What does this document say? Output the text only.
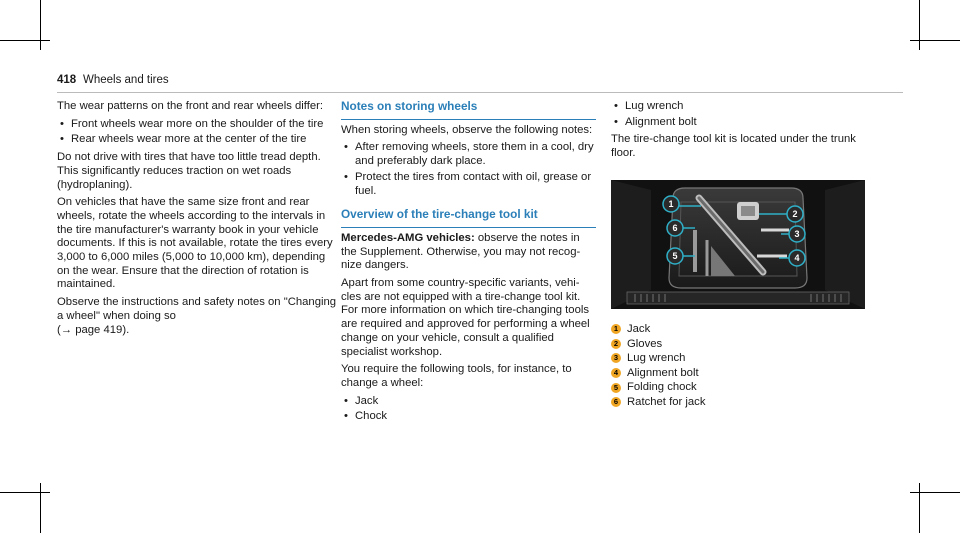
418 Wheels and tires

The wear patterns on the front and rear wheels differ:

• Front wheels wear more on the shoulder of the tire
• Rear wheels wear more at the center of the tire

Do not drive with tires that have too little tread depth. This significantly reduces traction on wet roads (hydroplaning).

On vehicles that have the same size front and rear wheels, rotate the wheels according to the intervals in the tire manufacturer's warranty book in your vehicle documents. If this is not available, rotate the tires every 3,000 to 6,000 miles (5,000 to 10,000 km), depending on the wear. Ensure that the direction of rotation is maintained.

Observe the instructions and safety notes on "Changing a wheel" when doing so
(→ page 419).

Notes on storing wheels

When storing wheels, observe the following notes:

• After removing wheels, store them in a cool, dry and preferably dark place.
• Protect the tires from contact with oil, grease or fuel.
Overview of the tire-change tool kit

Mercedes-AMG vehicles: observe the notes in the Supplement. Otherwise, you may not recog-nize dangers.

Apart from some country-specific variants, vehi-cles are not equipped with a tire-change tool kit. For more information on which tire-changing tools are required and approved for performing a wheel change on your vehicle, consult a qualified specialist workshop.

You require the following tools, for instance, to change a wheel:

• Jack
• Chock
• Lug wrench
• Alignment bolt

The tire-change tool kit is located under the trunk floor.

1
2
3
4
5
6
1 Jack
2 Gloves
3 Lug wrench
4 Alignment bolt
5 Folding chock
6 Ratchet for jack
